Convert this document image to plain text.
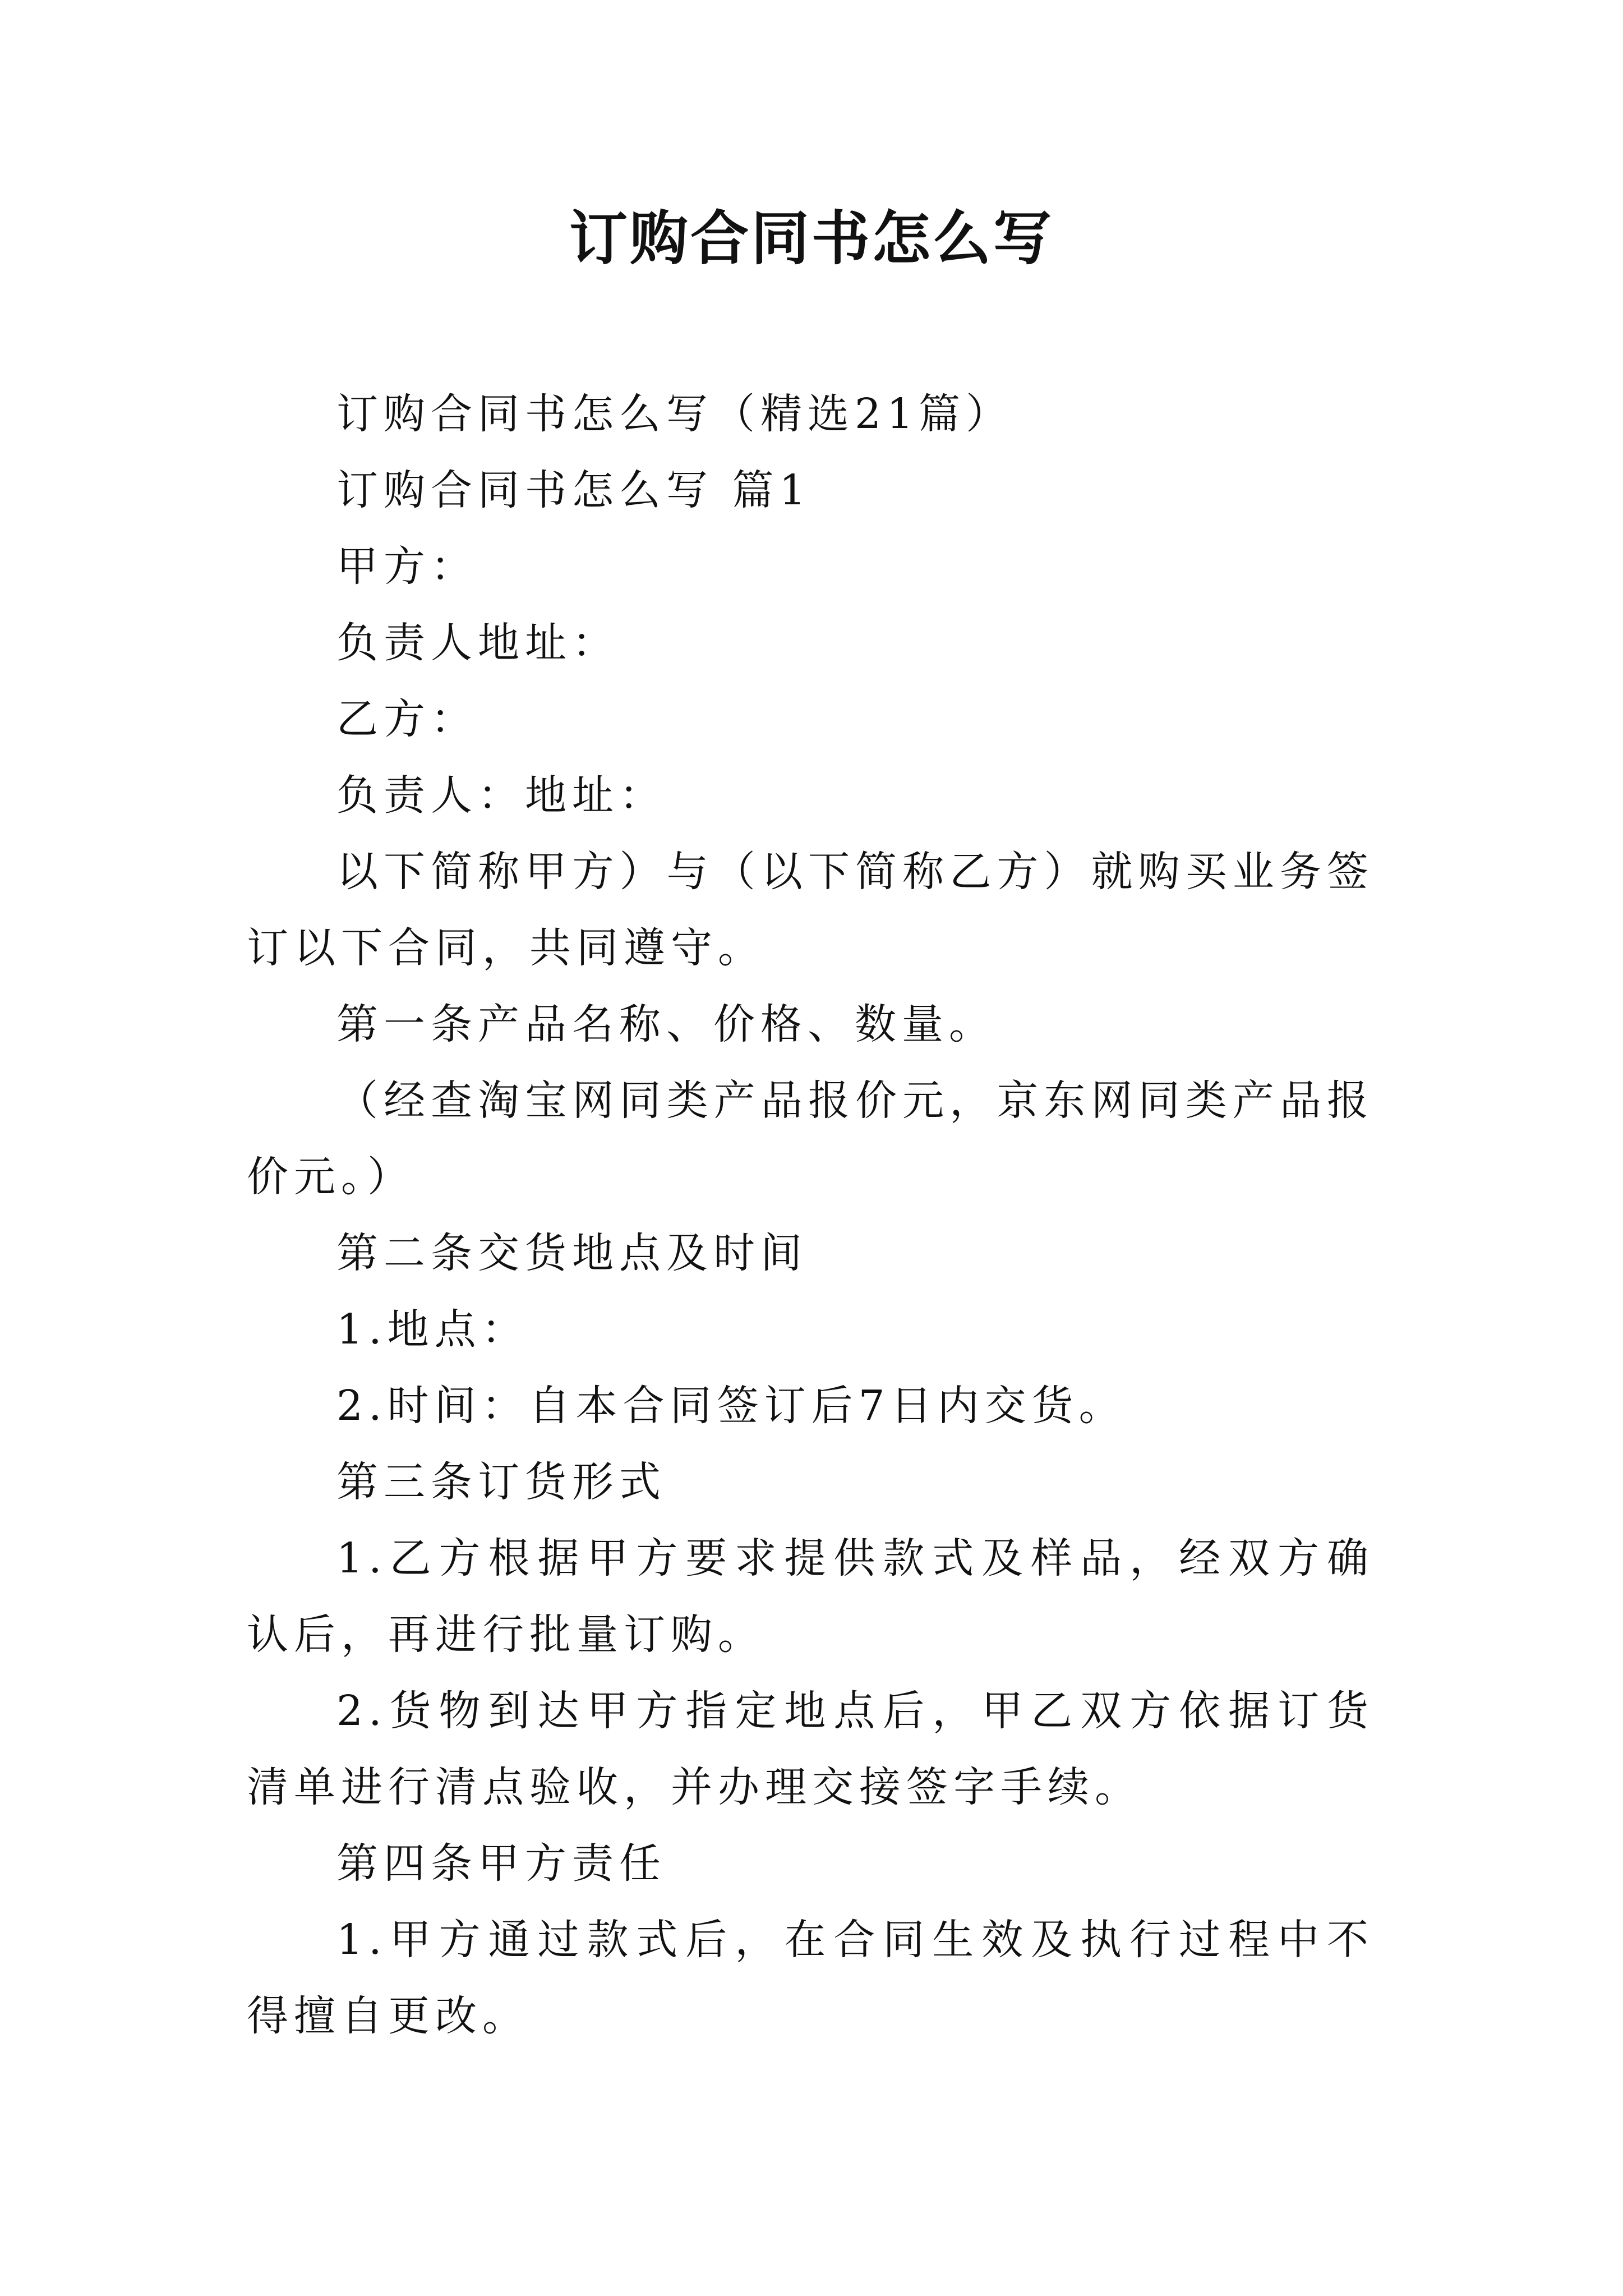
订购合同书怎么写

订购合同书怎么写（精选21篇）

订购合同书怎么写 篇1

甲方：

负责人地址：

乙方：

负责人：地址：

以下简称甲方）与（以下简称乙方）就购买业务签订以下合同，共同遵守。

第一条产品名称、价格、数量。

（经查淘宝网同类产品报价元，京东网同类产品报价元。）

第二条交货地点及时间

1.地点：

2.时间：自本合同签订后7日内交货。

第三条订货形式

1.乙方根据甲方要求提供款式及样品，经双方确认后，再进行批量订购。

2.货物到达甲方指定地点后，甲乙双方依据订货清单进行清点验收，并办理交接签字手续。

第四条甲方责任

1.甲方通过款式后，在合同生效及执行过程中不得擅自更改。
